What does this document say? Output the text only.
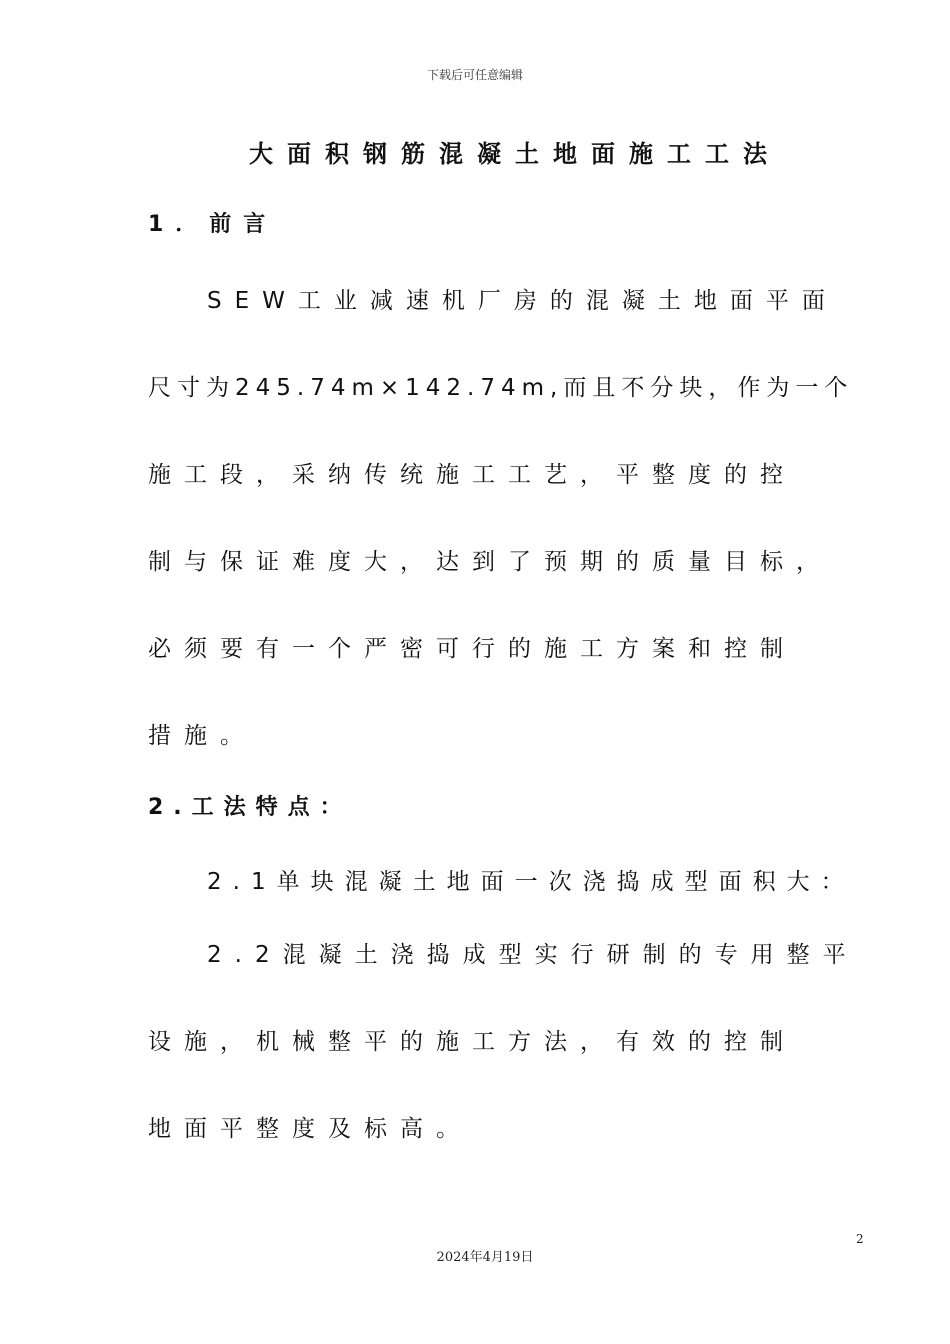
下载后可任意编辑
大面积钢筋混凝土地面施工工法
1．前言
SEW工业减速机厂房的混凝土地面平面
尺寸为245.74m×142.74m,而且不分块，作为一个
施工段，采纳传统施工工艺，平整度的控
制与保证难度大，达到了预期的质量目标，
必须要有一个严密可行的施工方案和控制
措施。
2.工法特点：
2.1单块混凝土地面一次浇捣成型面积大：
2.2混凝土浇捣成型实行研制的专用整平
设施，机械整平的施工方法，有效的控制
地面平整度及标高。
2
2024年4月19日
